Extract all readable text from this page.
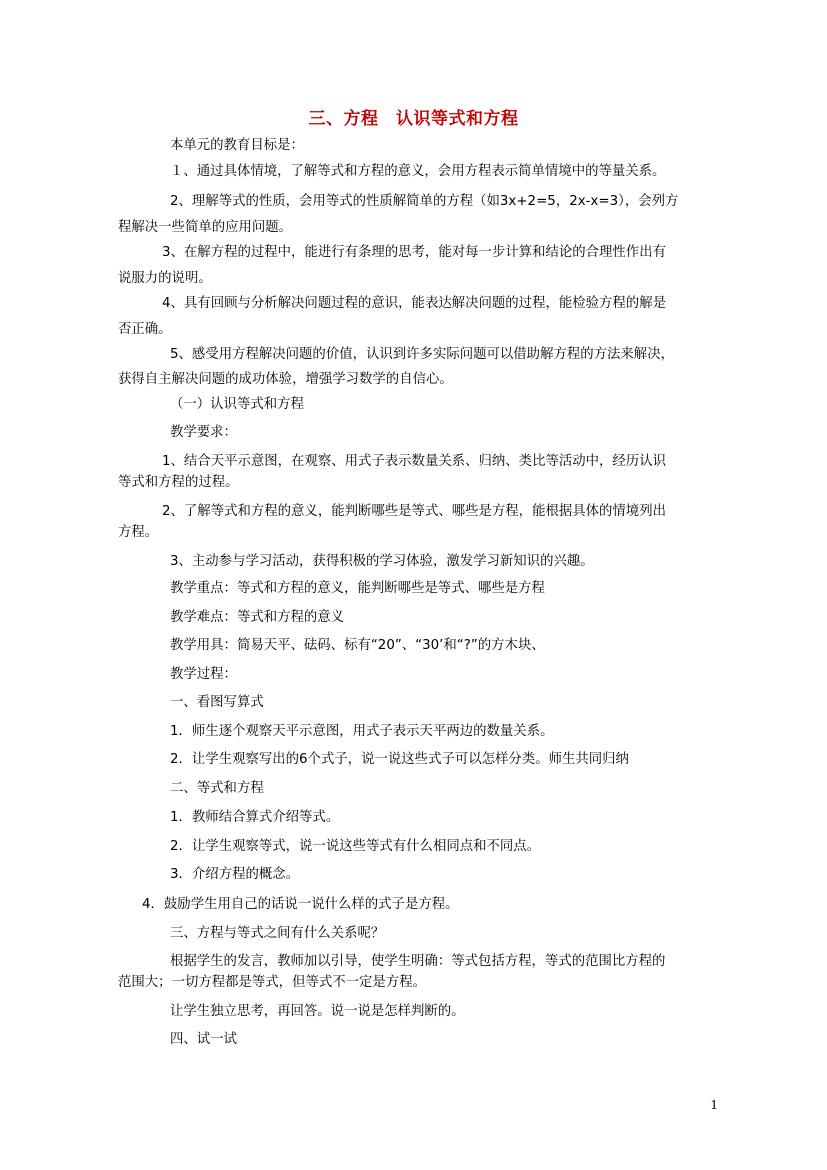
三、方程　认识等式和方程
本单元的教育目标是：
１、通过具体情境，了解等式和方程的意义，会用方程表示简单情境中的等量关系。
2、理解等式的性质，会用等式的性质解简单的方程（如3x+2=5，2x-x=3），会列方
程解决一些简单的应用问题。
3、在解方程的过程中，能进行有条理的思考，能对每一步计算和结论的合理性作出有
说服力的说明。
4、具有回顾与分析解决问题过程的意识，能表达解决问题的过程，能检验方程的解是
否正确。
5、感受用方程解决问题的价值，认识到许多实际问题可以借助解方程的方法来解决，
获得自主解决问题的成功体验，增强学习数学的自信心。
（一）认识等式和方程
教学要求：
1、结合天平示意图，在观察、用式子表示数量关系、归纳、类比等活动中，经历认识
等式和方程的过程。
2、了解等式和方程的意义，能判断哪些是等式、哪些是方程，能根据具体的情境列出
方程。
3、主动参与学习活动，获得积极的学习体验，激发学习新知识的兴趣。
教学重点：等式和方程的意义，能判断哪些是等式、哪些是方程
教学难点：等式和方程的意义
教学用具：简易天平、砝码、标有“20”、“30’和“?”的方木块、
教学过程：
一、看图写算式
1．师生逐个观察天平示意图，用式子表示天平两边的数量关系。
2．让学生观察写出的6个式子，说一说这些式子可以怎样分类。师生共同归纳
二、等式和方程
1．教师结合算式介绍等式。
2．让学生观察等式，说一说这些等式有什么相同点和不同点。
3．介绍方程的概念。
4．鼓励学生用自己的话说一说什么样的式子是方程。
三、方程与等式之间有什么关系呢？
根据学生的发言，教师加以引导，使学生明确：等式包括方程，等式的范围比方程的
范围大；一切方程都是等式，但等式不一定是方程。
让学生独立思考，再回答。说一说是怎样判断的。
四、试一试
1
